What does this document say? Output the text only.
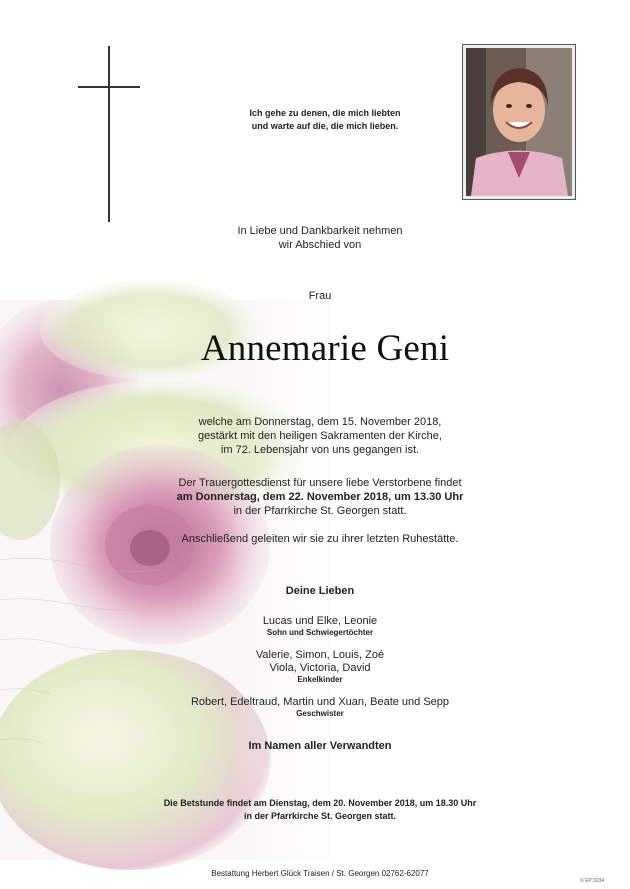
Ich gehe zu denen, die mich liebten
und warte auf die, die mich lieben.
In Liebe und Dankbarkeit nehmen
wir Abschied von
Frau
Annemarie Geni
welche am Donnerstag, dem 15. November 2018,
gestärkt mit den heiligen Sakramenten der Kirche,
im 72. Lebensjahr von uns gegangen ist.
Der Trauergottesdienst für unsere liebe Verstorbene findet
am Donnerstag, dem 22. November 2018, um 13.30 Uhr
in der Pfarrkirche St. Georgen statt.
Anschließend geleiten wir sie zu ihrer letzten Ruhestätte.
Deine Lieben
Lucas und Elke, Leonie
Sohn und Schwiegertöchter
Valerie, Simon, Louis, Zoé
Viola, Victoria, David
Enkelkinder
Robert, Edeltraud, Martin und Xuan, Beate und Sepp
Geschwister
Im Namen aller Verwandten
Die Betstunde findet am Dienstag, dem 20. November 2018, um 18.30 Uhr
in der Pfarrkirche St. Georgen statt.
Bestattung Herbert Glück Traisen / St. Georgen 02762-62077
© EP 9234
